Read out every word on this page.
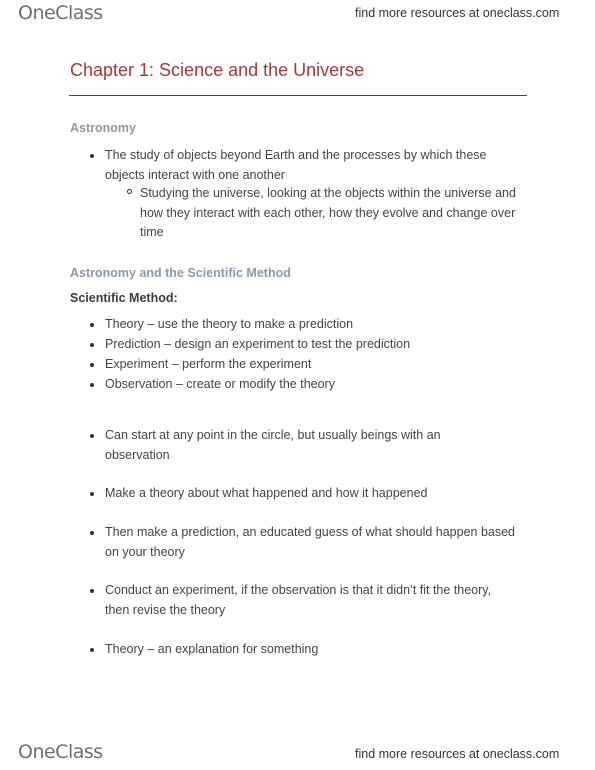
OneClass	find more resources at oneclass.com
Chapter 1: Science and the Universe
Astronomy
The study of objects beyond Earth and the processes by which these objects interact with one another
Studying the universe, looking at the objects within the universe and how they interact with each other, how they evolve and change over time
Astronomy and the Scientific Method
Scientific Method:
Theory – use the theory to make a prediction
Prediction – design an experiment to test the prediction
Experiment – perform the experiment
Observation – create or modify the theory
Can start at any point in the circle, but usually beings with an observation
Make a theory about what happened and how it happened
Then make a prediction, an educated guess of what should happen based on your theory
Conduct an experiment, if the observation is that it didn’t fit the theory, then revise the theory
Theory – an explanation for something
OneClass	find more resources at oneclass.com
